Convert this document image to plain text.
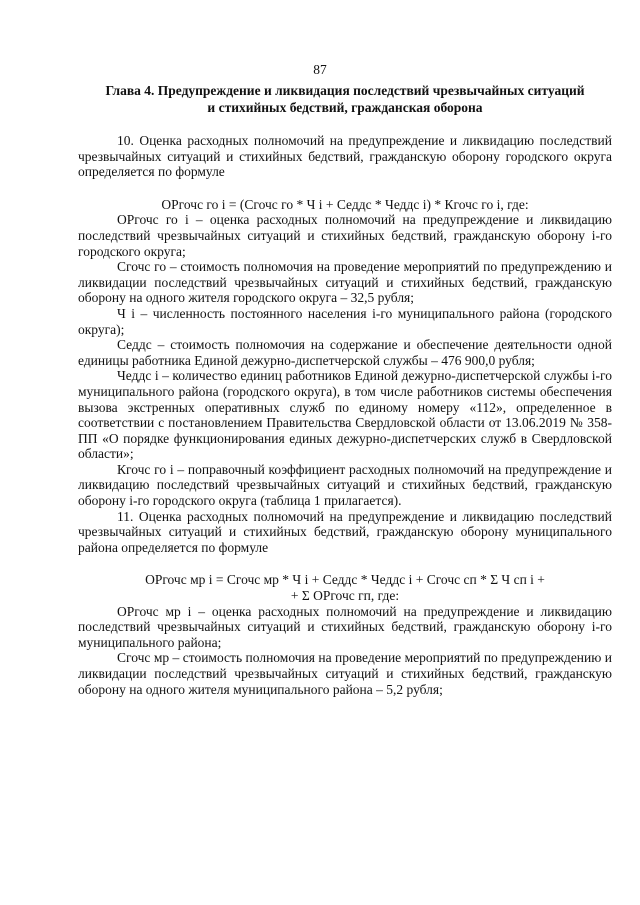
87
Глава 4. Предупреждение и ликвидация последствий чрезвычайных ситуаций
и стихийных бедствий, гражданская оборона

10. Оценка расходных полномочий на предупреждение и ликвидацию последствий чрезвычайных ситуаций и стихийных бедствий, гражданскую оборону городского округа определяется по формуле

ОРгочс го i = (Сгочс го * Ч i + Седдс * Чеддс i) * Кгочс го i, где:

ОРгочс го i – оценка расходных полномочий на предупреждение и ликвидацию последствий чрезвычайных ситуаций и стихийных бедствий, гражданскую оборону i-го городского округа;

Сгочс го – стоимость полномочия на проведение мероприятий по предупреждению и ликвидации последствий чрезвычайных ситуаций и стихийных бедствий, гражданскую оборону на одного жителя городского округа – 32,5 рубля;

Ч i – численность постоянного населения i-го муниципального района (городского округа);

Седдс – стоимость полномочия на содержание и обеспечение деятельности одной единицы работника Единой дежурно-диспетчерской службы – 476 900,0 рубля;

Чеддс i – количество единиц работников Единой дежурно-диспетчерской службы i-го муниципального района (городского округа), в том числе работников системы обеспечения вызова экстренных оперативных служб по единому номеру «112», определенное в соответствии с постановлением Правительства Свердловской области от 13.06.2019 № 358-ПП «О порядке функционирования единых дежурно-диспетчерских служб в Свердловской области»;

Кгочс го i – поправочный коэффициент расходных полномочий на предупреждение и ликвидацию последствий чрезвычайных ситуаций и стихийных бедствий, гражданскую оборону i-го городского округа (таблица 1 прилагается).

11. Оценка расходных полномочий на предупреждение и ликвидацию последствий чрезвычайных ситуаций и стихийных бедствий, гражданскую оборону муниципального района определяется по формуле

ОРгочс мр i = Сгочс мр * Ч i + Седдс * Чеддс i + Сгочс сп * Σ Ч сп i +

+ Σ ОРгочс гп, где:

ОРгочс мр i – оценка расходных полномочий на предупреждение и ликвидацию последствий чрезвычайных ситуаций и стихийных бедствий, гражданскую оборону i-го муниципального района;

Сгочс мр – стоимость полномочия на проведение мероприятий по предупреждению и ликвидации последствий чрезвычайных ситуаций и стихийных бедствий, гражданскую оборону на одного жителя муниципального района – 5,2 рубля;
